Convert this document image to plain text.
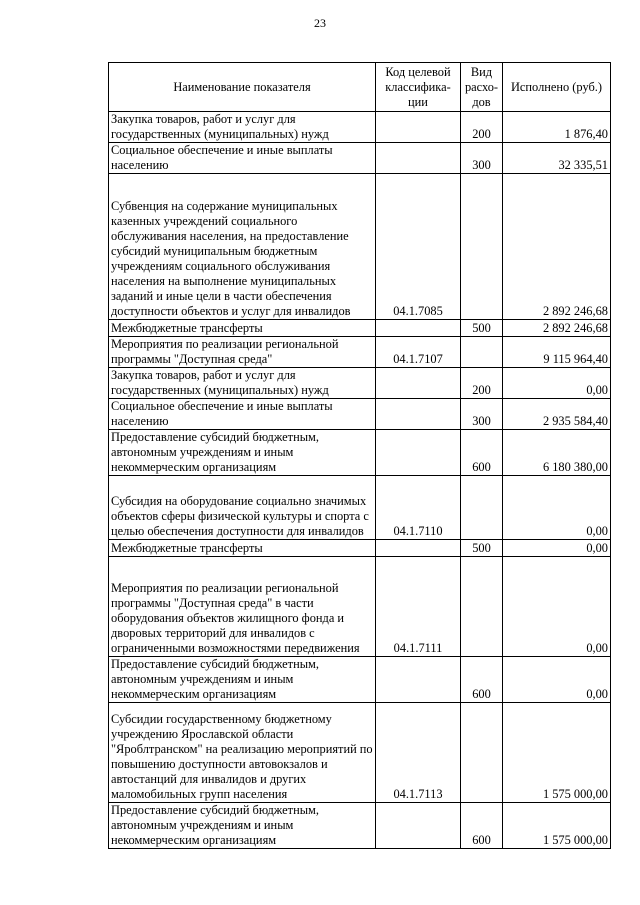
23
Наименование показателя	Код целевой классифика-ции	Вид расхо-дов	Исполнено (руб.)
Закупка товаров, работ и услуг для государственных (муниципальных) нужд		200	1 876,40
Социальное обеспечение и иные выплаты населению		300	32 335,51
Субвенция на содержание муниципальных казенных учреждений социального обслуживания населения, на предоставление субсидий муниципальным бюджетным учреждениям социального обслуживания населения на выполнение муниципальных заданий и иные цели в части обеспечения доступности объектов и услуг для инвалидов	04.1.7085		2 892 246,68
Межбюджетные трансферты		500	2 892 246,68
Мероприятия по реализации региональной программы "Доступная среда"	04.1.7107		9 115 964,40
Закупка товаров, работ и услуг для государственных (муниципальных) нужд		200	0,00
Социальное обеспечение и иные выплаты населению		300	2 935 584,40
Предоставление субсидий бюджетным, автономным учреждениям и иным некоммерческим организациям		600	6 180 380,00
Субсидия на оборудование социально значимых объектов сферы физической культуры и спорта с целью обеспечения доступности для инвалидов	04.1.7110		0,00
Межбюджетные трансферты		500	0,00
Мероприятия по реализации региональной программы "Доступная среда" в части оборудования объектов жилищного фонда и дворовых территорий для инвалидов с ограниченными возможностями передвижения	04.1.7111		0,00
Предоставление субсидий бюджетным, автономным учреждениям и иным некоммерческим организациям		600	0,00
Субсидии государственному бюджетному учреждению Ярославской области "Яроблтранском" на реализацию мероприятий по повышению доступности автовокзалов и автостанций для инвалидов и других маломобильных групп населения	04.1.7113		1 575 000,00
Предоставление субсидий бюджетным, автономным учреждениям и иным некоммерческим организациям		600	1 575 000,00
